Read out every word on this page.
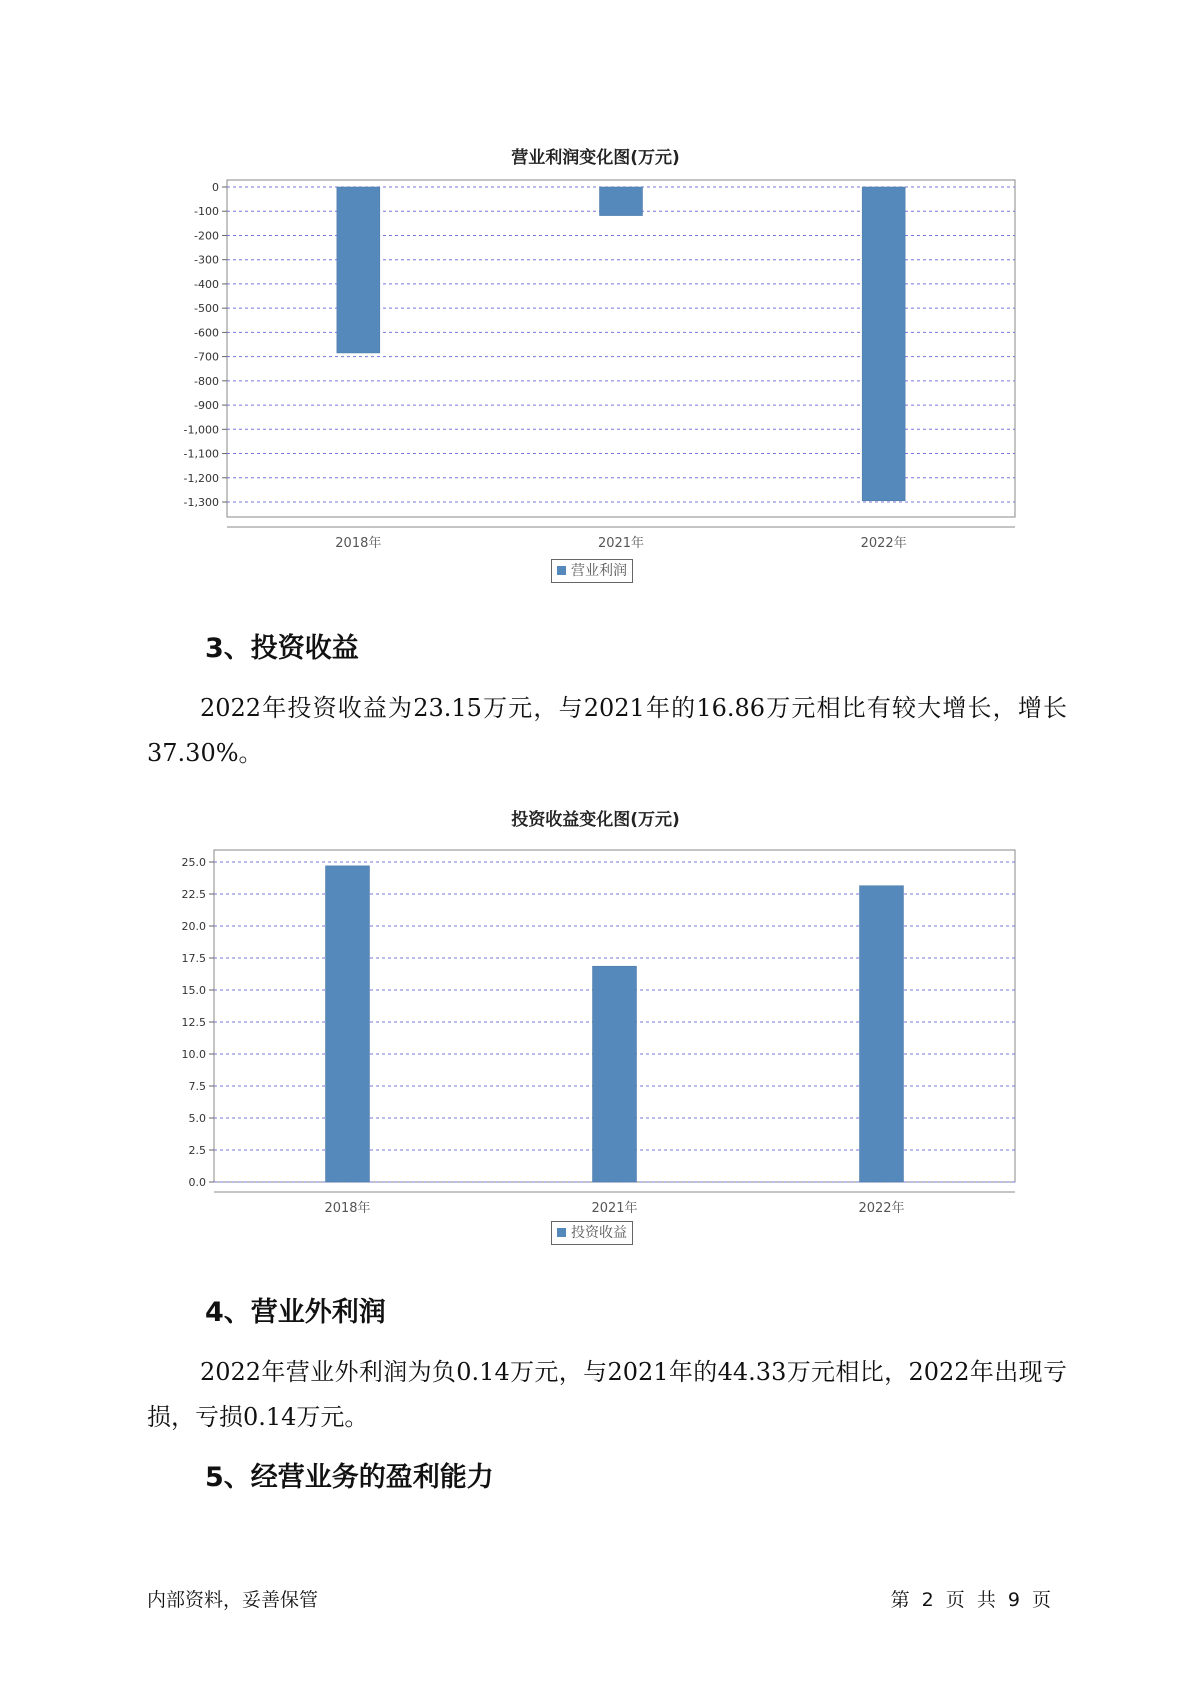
营业利润变化图(万元)
0
-100
-200
-300
-400
-500
-600
-700
-800
-900
-1,000
-1,100
-1,200
-1,300
2018年	2021年	2022年
营业利润
3、投资收益
2022年投资收益为23.15万元，与2021年的16.86万元相比有较大增长，增长37.30%。
投资收益变化图(万元)
0.0
2.5
5.0
7.5
10.0
12.5
15.0
17.5
20.0
22.5
25.0
2018年	2021年	2022年
投资收益
4、营业外利润
2022年营业外利润为负0.14万元，与2021年的44.33万元相比，2022年出现亏损，亏损0.14万元。
5、经营业务的盈利能力
内部资料，妥善保管	第 2 页 共 9 页
